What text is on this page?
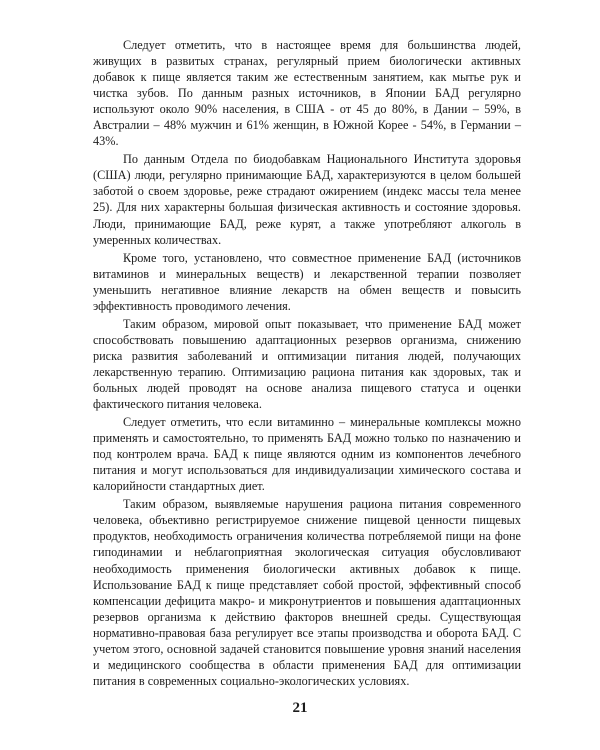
Следует отметить, что в настоящее время для большинства людей, живущих в развитых странах, регулярный прием биологически активных добавок к пище является таким же естественным занятием, как мытье рук и чистка зубов. По данным разных источников, в Японии БАД регулярно используют около 90% населения, в США - от 45 до 80%, в Дании – 59%, в Австралии – 48% мужчин и 61% женщин, в Южной Корее - 54%, в Германии – 43%.

По данным Отдела по биодобавкам Национального Института здоровья (США) люди, регулярно принимающие БАД, характеризуются в целом большей заботой о своем здоровье, реже страдают ожирением (индекс массы тела менее 25). Для них характерны большая физическая активность и состояние здоровья. Люди, принимающие БАД, реже курят, а также употребляют алкоголь в умеренных количествах.

Кроме того, установлено, что совместное применение БАД (источников витаминов и минеральных веществ) и лекарственной терапии позволяет уменьшить негативное влияние лекарств на обмен веществ и повысить эффективность проводимого лечения.

Таким образом, мировой опыт показывает, что применение БАД может способствовать повышению адаптационных резервов организма, снижению риска развития заболеваний и оптимизации питания людей, получающих лекарственную терапию. Оптимизацию рациона питания как здоровых, так и больных людей проводят на основе анализа пищевого статуса и оценки фактического питания человека.

Следует отметить, что если витаминно – минеральные комплексы можно применять и самостоятельно, то применять БАД можно только по назначению и под контролем врача. БАД к пище являются одним из компонентов лечебного питания и могут использоваться для индивидуализации химического состава и калорийности стандартных диет.

Таким образом, выявляемые нарушения рациона питания современного человека, объективно регистрируемое снижение пищевой ценности пищевых продуктов, необходимость ограничения количества потребляемой пищи на фоне гиподинамии и неблагоприятная экологическая ситуация обусловливают необходимость применения биологически активных добавок к пище. Использование БАД к пище представляет собой простой, эффективный способ компенсации дефицита макро- и микронутриентов и повышения адаптационных резервов организма к действию факторов внешней среды. Существующая нормативно-правовая база регулирует все этапы производства и оборота БАД. С учетом этого, основной задачей становится повышение уровня знаний населения и медицинского сообщества в области применения БАД для оптимизации питания в современных социально-экологических условиях.

21
